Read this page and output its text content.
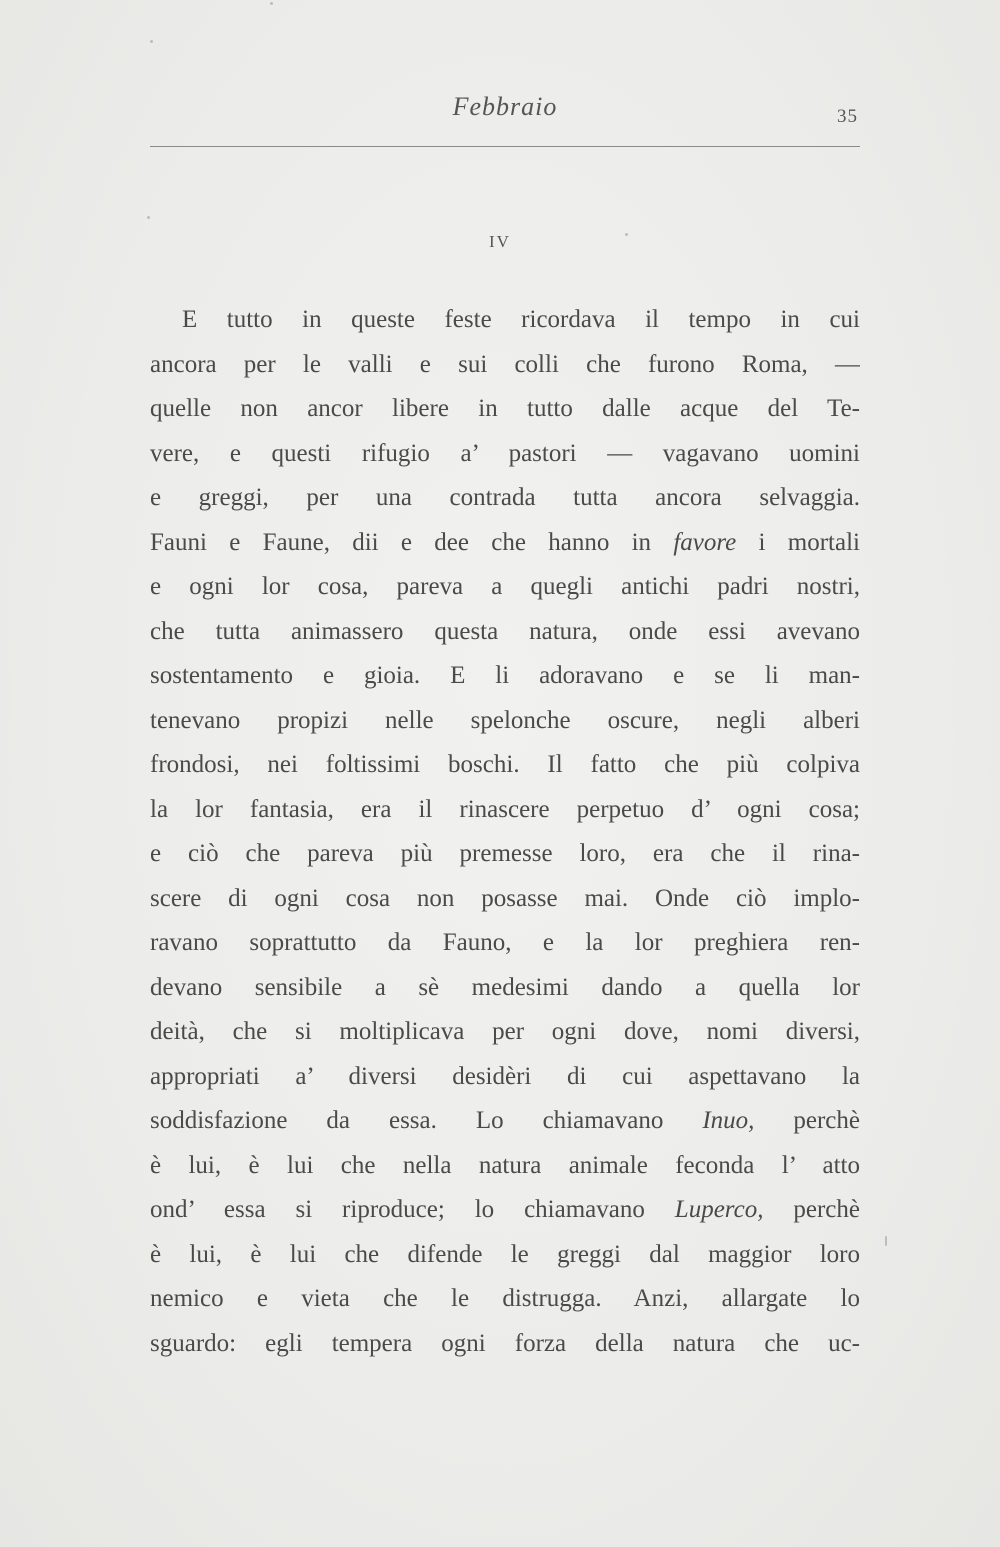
Febbraio	35
IV
E tutto in queste feste ricordava il tempo in cui
ancora per le valli e sui colli che furono Roma, —
quelle non ancor libere in tutto dalle acque del Te-
vere, e questi rifugio a’ pastori — vagavano uomini
e greggi, per una contrada tutta ancora selvaggia.
Fauni e Faune, dii e dee che hanno in favore i mortali
e ogni lor cosa, pareva a quegli antichi padri nostri,
che tutta animassero questa natura, onde essi avevano
sostentamento e gioia. E li adoravano e se li man-
tenevano propizi nelle spelonche oscure, negli alberi
frondosi, nei foltissimi boschi. Il fatto che più colpiva
la lor fantasia, era il rinascere perpetuo d’ ogni cosa;
e ciò che pareva più premesse loro, era che il rina-
scere di ogni cosa non posasse mai. Onde ciò implo-
ravano soprattutto da Fauno, e la lor preghiera ren-
devano sensibile a sè medesimi dando a quella lor
deità, che si moltiplicava per ogni dove, nomi diversi,
appropriati a’ diversi desidèri di cui aspettavano la
soddisfazione da essa. Lo chiamavano Inuo, perchè
è lui, è lui che nella natura animale feconda l’ atto
ond’ essa si riproduce; lo chiamavano Luperco, perchè
è lui, è lui che difende le greggi dal maggior loro
nemico e vieta che le distrugga. Anzi, allargate lo
sguardo: egli tempera ogni forza della natura che uc-
